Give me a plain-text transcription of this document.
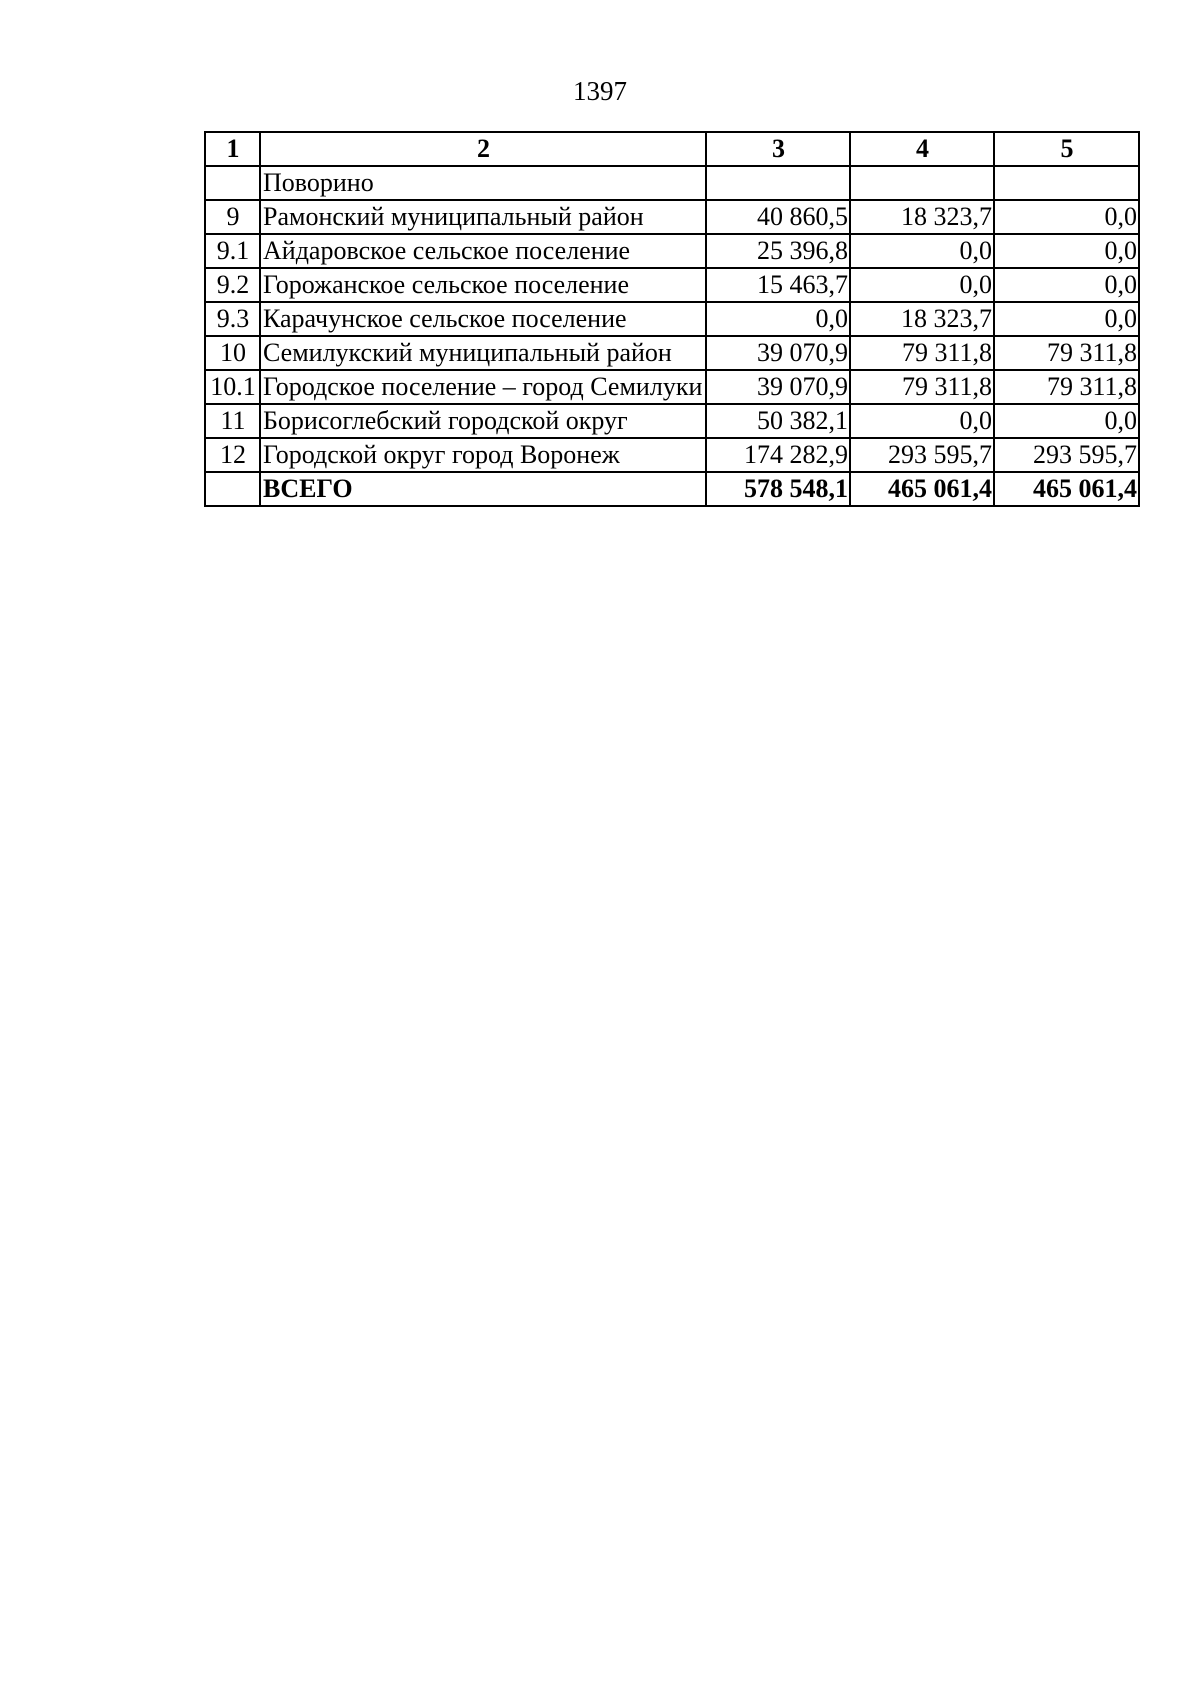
1397
1	2	3	4	5
	Поворино			
9	Рамонский муниципальный район	40 860,5	18 323,7	0,0
9.1	Айдаровское сельское поселение	25 396,8	0,0	0,0
9.2	Горожанское сельское поселение	15 463,7	0,0	0,0
9.3	Карачунское сельское поселение	0,0	18 323,7	0,0
10	Семилукский муниципальный район	39 070,9	79 311,8	79 311,8
10.1	Городское поселение – город Семилуки	39 070,9	79 311,8	79 311,8
11	Борисоглебский городской округ	50 382,1	0,0	0,0
12	Городской округ город Воронеж	174 282,9	293 595,7	293 595,7
	ВСЕГО	578 548,1	465 061,4	465 061,4
